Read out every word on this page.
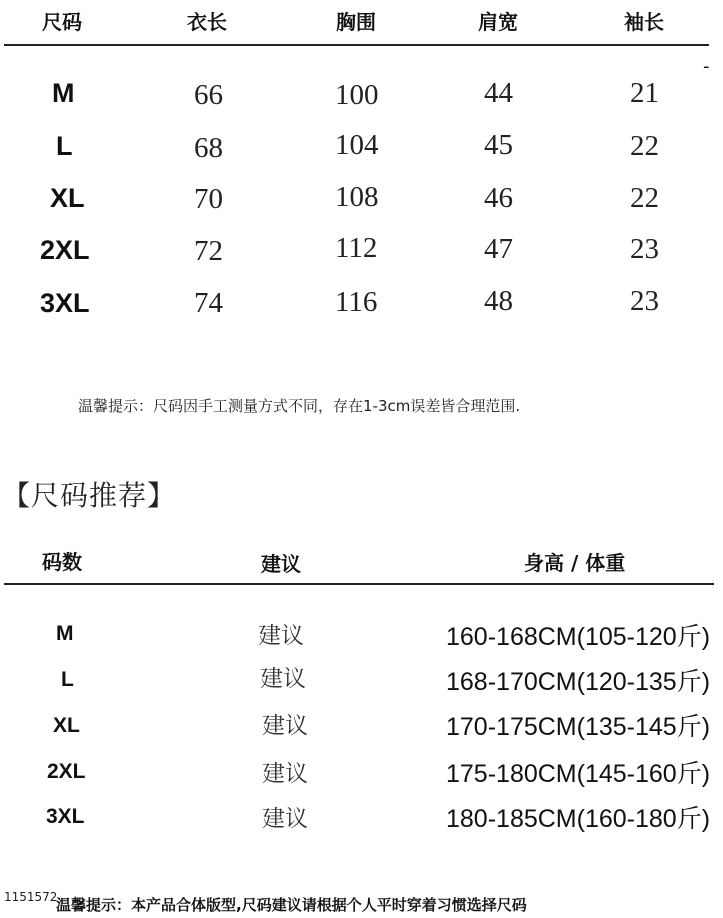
尺码	衣长	胸围	肩宽	袖长
-
M	66	100	44	21
L	68	104	45	22
XL	70	108	46	22
2XL	72	112	47	23
3XL	74	116	48	23
温馨提示：尺码因手工测量方式不同，存在1-3cm误差皆合理范围.
【尺码推荐】
码数	建议	身高 / 体重
M	建议	160-168CM(105-120斤)
L	建议	168-170CM(120-135斤)
XL	建议	170-175CM(135-145斤)
2XL	建议	175-180CM(145-160斤)
3XL	建议	180-185CM(160-180斤)
1151572
温馨提示：本产品合体版型,尺码建议请根据个人平时穿着习惯选择尺码
